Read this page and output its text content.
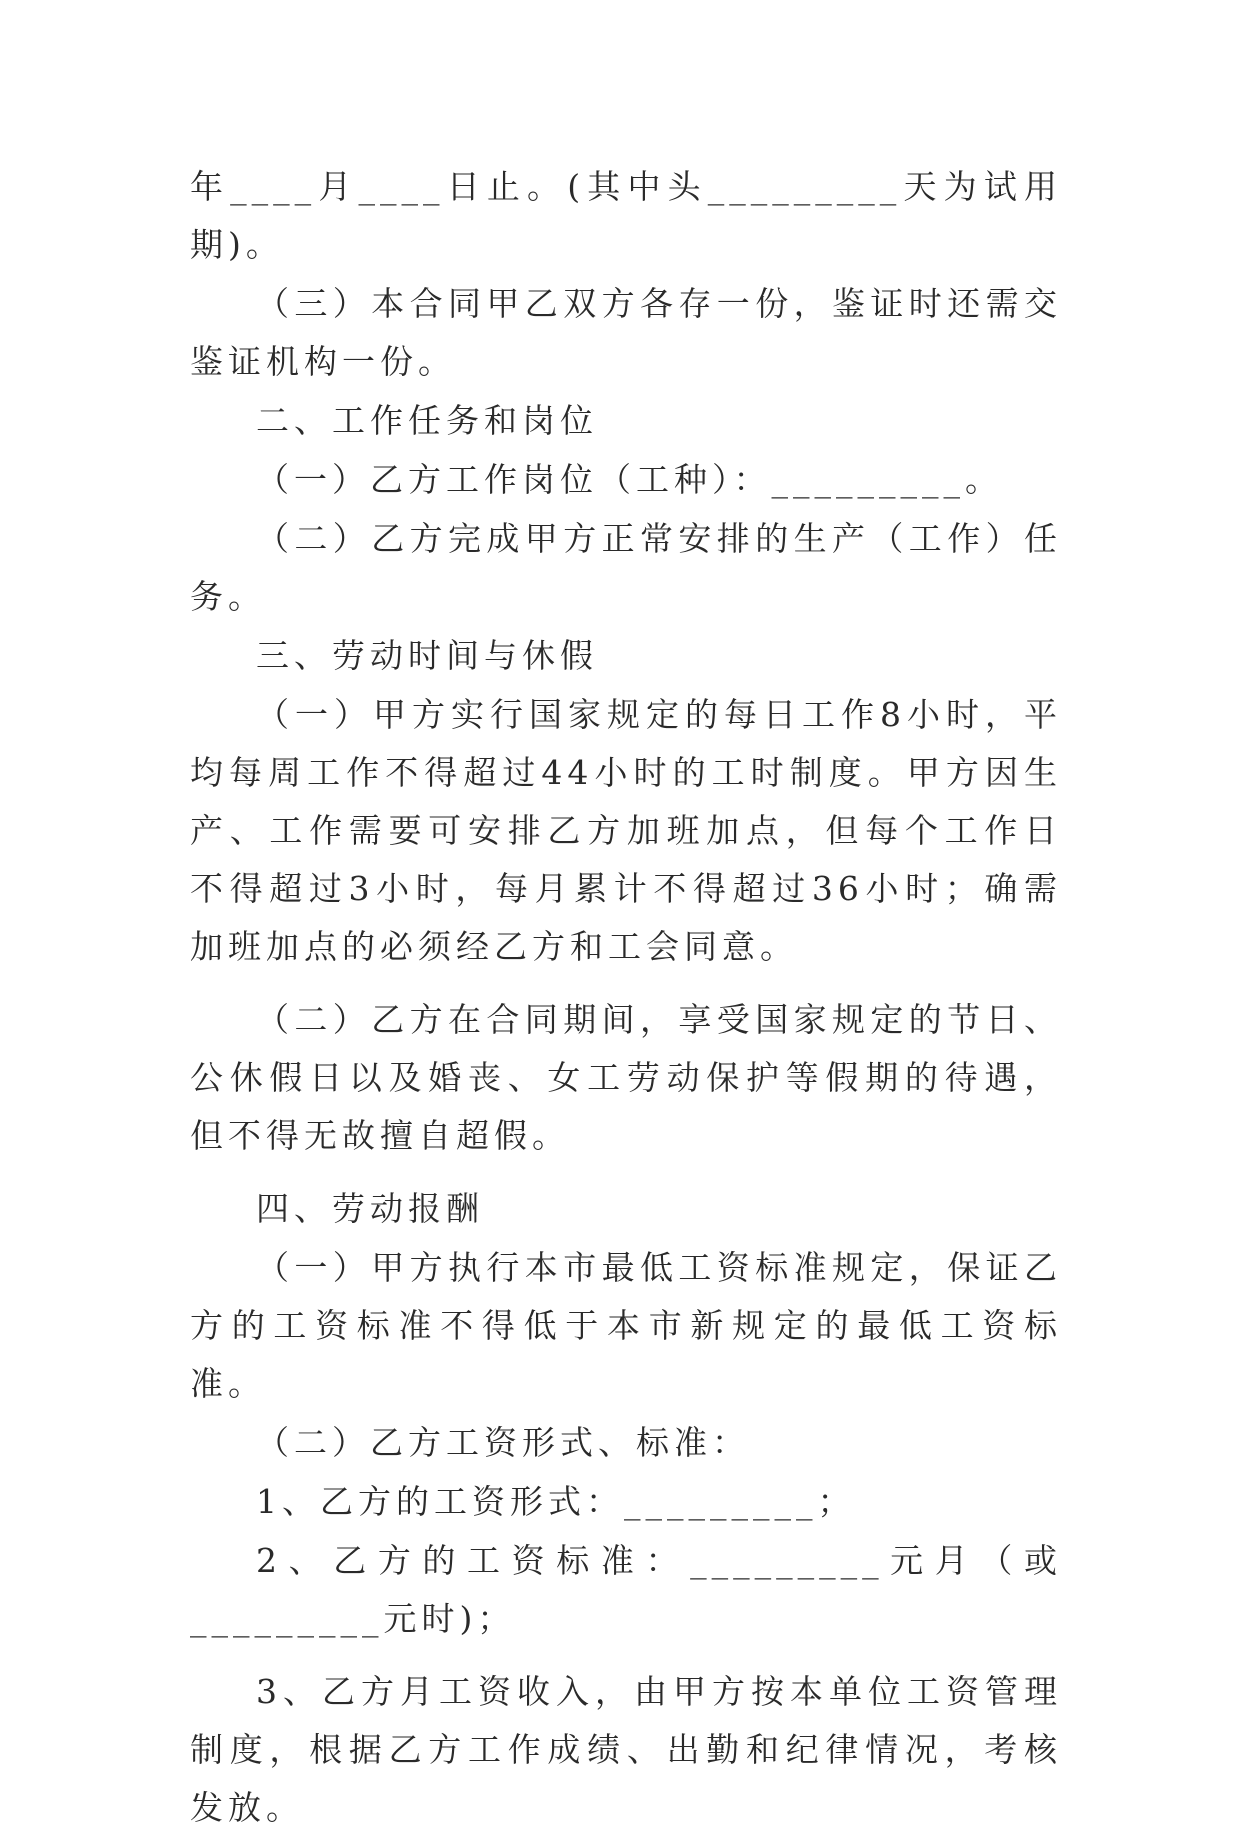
年____月____日止。(其中头_________天为试用期)。

（三）本合同甲乙双方各存一份，鉴证时还需交鉴证机构一份。

二、工作任务和岗位

（一）乙方工作岗位（工种）：_________。

（二）乙方完成甲方正常安排的生产（工作）任务。

三、劳动时间与休假

（一）甲方实行国家规定的每日工作8小时，平均每周工作不得超过44小时的工时制度。甲方因生产、工作需要可安排乙方加班加点，但每个工作日不得超过3小时，每月累计不得超过36小时；确需加班加点的必须经乙方和工会同意。

（二）乙方在合同期间，享受国家规定的节日、公休假日以及婚丧、女工劳动保护等假期的待遇，但不得无故擅自超假。

四、劳动报酬

（一）甲方执行本市最低工资标准规定，保证乙方的工资标准不得低于本市新规定的最低工资标准。

（二）乙方工资形式、标准：

1、乙方的工资形式：_________；

2、乙方的工资标准：_________元月（或_________元时)；

3、乙方月工资收入，由甲方按本单位工资管理制度，根据乙方工作成绩、出勤和纪律情况，考核发放。
